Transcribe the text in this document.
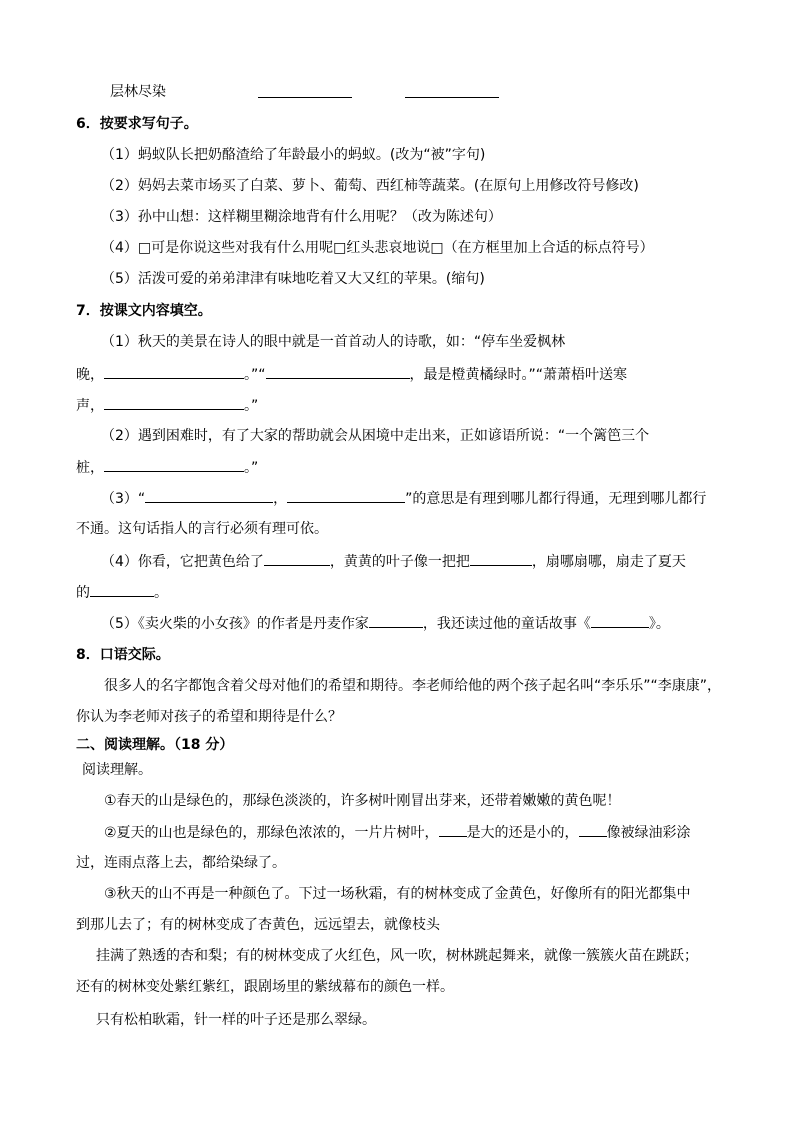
层林尽染
6．按要求写句子。
（1）蚂蚁队长把奶酪渣给了年龄最小的蚂蚁。(改为“被”字句)
（2）妈妈去菜市场买了白菜、萝卜、葡萄、西红柿等蔬菜。(在原句上用修改符号修改)
（3）孙中山想：这样糊里糊涂地背有什么用呢？（改为陈述句）
（4）□可是你说这些对我有什么用呢□红头悲哀地说□（在方框里加上合适的标点符号）
（5）活泼可爱的弟弟津津有味地吃着又大又红的苹果。(缩句)
7．按课文内容填空。
（1）秋天的美景在诗人的眼中就是一首首动人的诗歌，如：“停车坐爱枫林
晚，	。”“	，最是橙黄橘绿时。”“萧萧梧叶送寒
声，	。”
（2）遇到困难时，有了大家的帮助就会从困境中走出来，正如谚语所说：“一个篱笆三个
桩，	。”
（3）“	，	”的意思是有理到哪儿都行得通，无理到哪儿都行
不通。这句话指人的言行必须有理可依。
（4）你看，它把黄色给了	，黄黄的叶子像一把把	，扇哪扇哪，扇走了夏天
的	。
（5）《卖火柴的小女孩》的作者是丹麦作家	，我还读过他的童话故事《	》。
8．口语交际。
很多人的名字都饱含着父母对他们的希望和期待。李老师给他的两个孩子起名叫“李乐乐”“李康康”，
你认为李老师对孩子的希望和期待是什么？
二、阅读理解。（18 分）
阅读理解。
①春天的山是绿色的，那绿色淡淡的，许多树叶刚冒出芽来，还带着嫩嫩的黄色呢！
②夏天的山也是绿色的，那绿色浓浓的，一片片树叶， 是大的还是小的， 像被绿油彩涂
过，连雨点落上去，都给染绿了。
③秋天的山不再是一种颜色了。下过一场秋霜，有的树林变成了金黄色，好像所有的阳光都集中
到那儿去了；有的树林变成了杏黄色，远远望去，就像枝头
挂满了熟透的杏和梨；有的树林变成了火红色，风一吹，树林跳起舞来，就像一簇簇火苗在跳跃；
还有的树林变处紫红紫红，跟剧场里的紫绒幕布的颜色一样。
只有松柏耿霜，针一样的叶子还是那么翠绿。
